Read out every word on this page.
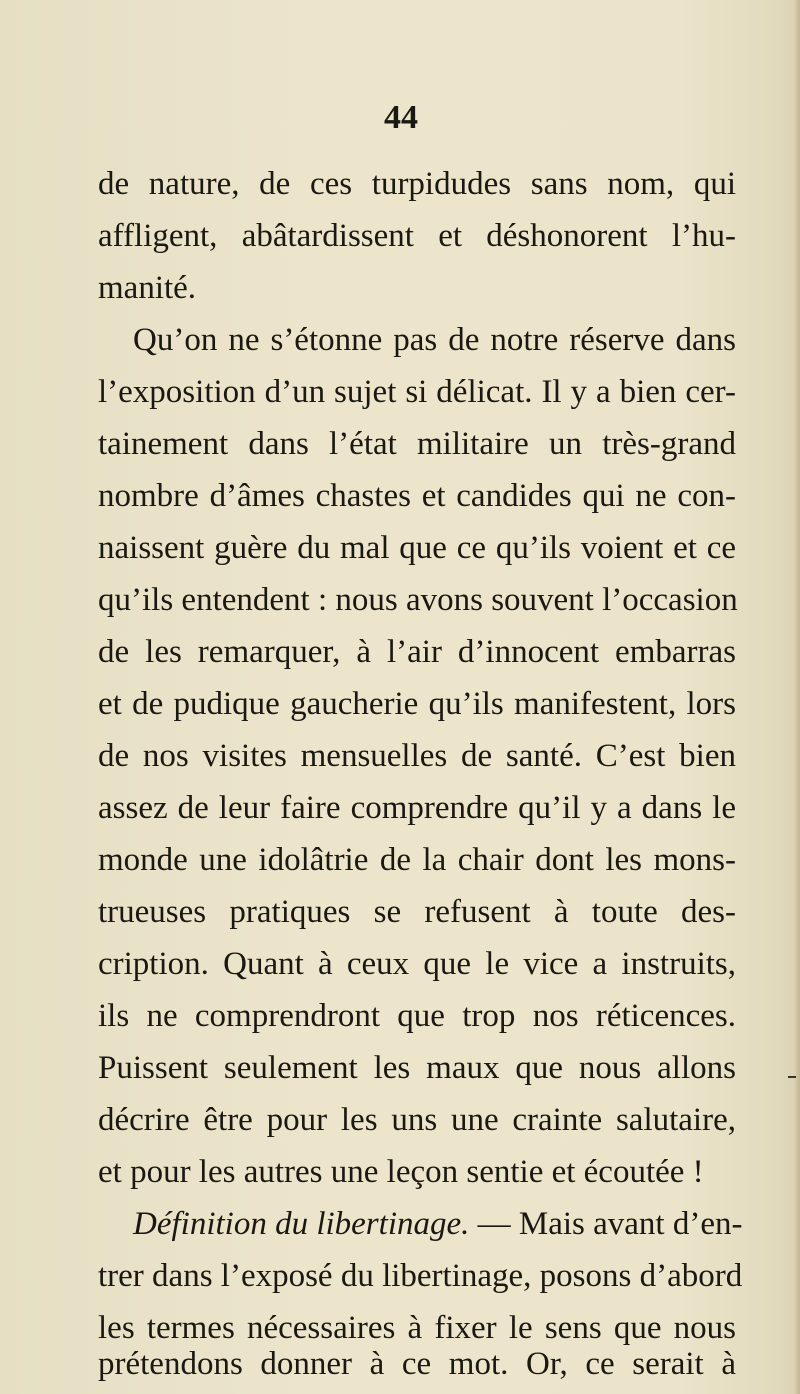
44
de nature, de ces turpidudes sans nom, qui
affligent, abâtardissent et déshonorent l’hu-
manité.
Qu’on ne s’étonne pas de notre réserve dans
l’exposition d’un sujet si délicat. Il y a bien cer-
tainement dans l’état militaire un très-grand
nombre d’âmes chastes et candides qui ne con-
naissent guère du mal que ce qu’ils voient et ce
qu’ils entendent : nous avons souvent l’occasion
de les remarquer, à l’air d’innocent embarras
et de pudique gaucherie qu’ils manifestent, lors
de nos visites mensuelles de santé. C’est bien
assez de leur faire comprendre qu’il y a dans le
monde une idolâtrie de la chair dont les mons-
trueuses pratiques se refusent à toute des-
cription. Quant à ceux que le vice a instruits,
ils ne comprendront que trop nos réticences.
Puissent seulement les maux que nous allons
décrire être pour les uns une crainte salutaire,
et pour les autres une leçon sentie et écoutée !
Définition du libertinage. — Mais avant d’en-
trer dans l’exposé du libertinage, posons d’abord
les termes nécessaires à fixer le sens que nous
prétendons donner à ce mot. Or, ce serait à
